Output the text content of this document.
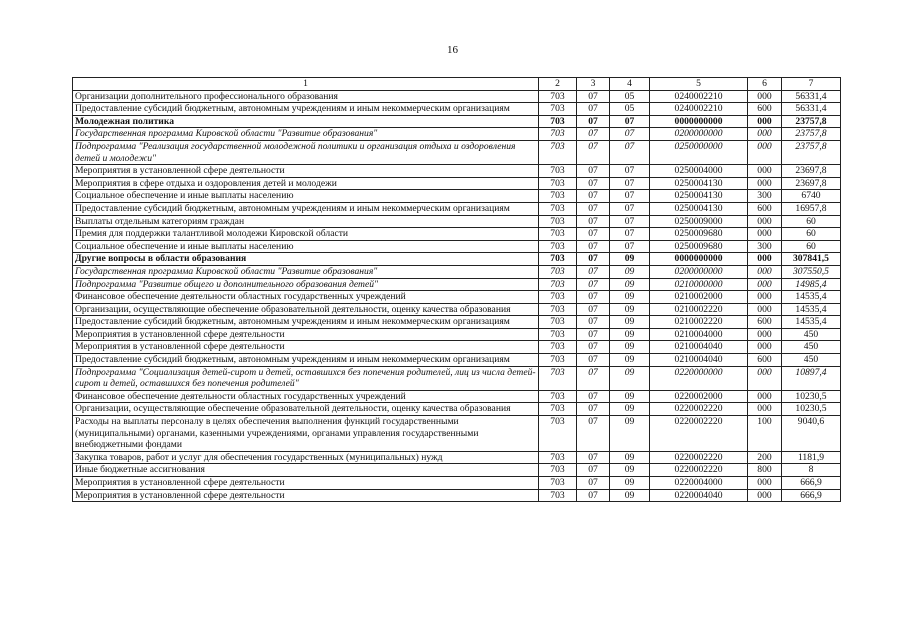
16
1	2	3	4	5	6	7
Организации дополнительного профессионального образования	703	07	05	0240002210	000	56331,4
Предоставление субсидий бюджетным, автономным учреждениям и иным некоммерческим организациям	703	07	05	0240002210	600	56331,4
Молодежная политика	703	07	07	0000000000	000	23757,8
Государственная программа Кировской области "Развитие образования"	703	07	07	0200000000	000	23757,8
Подпрограмма "Реализация государственной молодежной политики и организация отдыха и оздоровления детей и молодежи"	703	07	07	0250000000	000	23757,8
Мероприятия в установленной сфере деятельности	703	07	07	0250004000	000	23697,8
Мероприятия в сфере отдыха и оздоровления детей и молодежи	703	07	07	0250004130	000	23697,8
Социальное обеспечение и иные выплаты населению	703	07	07	0250004130	300	6740
Предоставление субсидий бюджетным, автономным учреждениям и иным некоммерческим организациям	703	07	07	0250004130	600	16957,8
Выплаты отдельным категориям граждан	703	07	07	0250009000	000	60
Премия для поддержки талантливой молодежи Кировской области	703	07	07	0250009680	000	60
Социальное обеспечение и иные выплаты населению	703	07	07	0250009680	300	60
Другие вопросы в области образования	703	07	09	0000000000	000	307841,5
Государственная программа Кировской области "Развитие образования"	703	07	09	0200000000	000	307550,5
Подпрограмма "Развитие общего и дополнительного образования детей"	703	07	09	0210000000	000	14985,4
Финансовое обеспечение деятельности областных государственных учреждений	703	07	09	0210002000	000	14535,4
Организации, осуществляющие обеспечение образовательной деятельности, оценку качества образования	703	07	09	0210002220	000	14535,4
Предоставление субсидий бюджетным, автономным учреждениям и иным некоммерческим организациям	703	07	09	0210002220	600	14535,4
Мероприятия в установленной сфере деятельности	703	07	09	0210004000	000	450
Мероприятия в установленной сфере деятельности	703	07	09	0210004040	000	450
Предоставление субсидий бюджетным, автономным учреждениям и иным некоммерческим организациям	703	07	09	0210004040	600	450
Подпрограмма "Социализация детей-сирот и детей, оставшихся без попечения родителей, лиц из числа детей-сирот и детей, оставшихся без попечения родителей"	703	07	09	0220000000	000	10897,4
Финансовое обеспечение деятельности областных государственных учреждений	703	07	09	0220002000	000	10230,5
Организации, осуществляющие обеспечение образовательной деятельности, оценку качества образования	703	07	09	0220002220	000	10230,5
Расходы на выплаты персоналу в целях обеспечения выполнения функций государственными (муниципальными) органами, казенными учреждениями, органами управления государственными внебюджетными фондами	703	07	09	0220002220	100	9040,6
Закупка товаров, работ и услуг для обеспечения государственных (муниципальных) нужд	703	07	09	0220002220	200	1181,9
Иные бюджетные ассигнования	703	07	09	0220002220	800	8
Мероприятия в установленной сфере деятельности	703	07	09	0220004000	000	666,9
Мероприятия в установленной сфере деятельности	703	07	09	0220004040	000	666,9
